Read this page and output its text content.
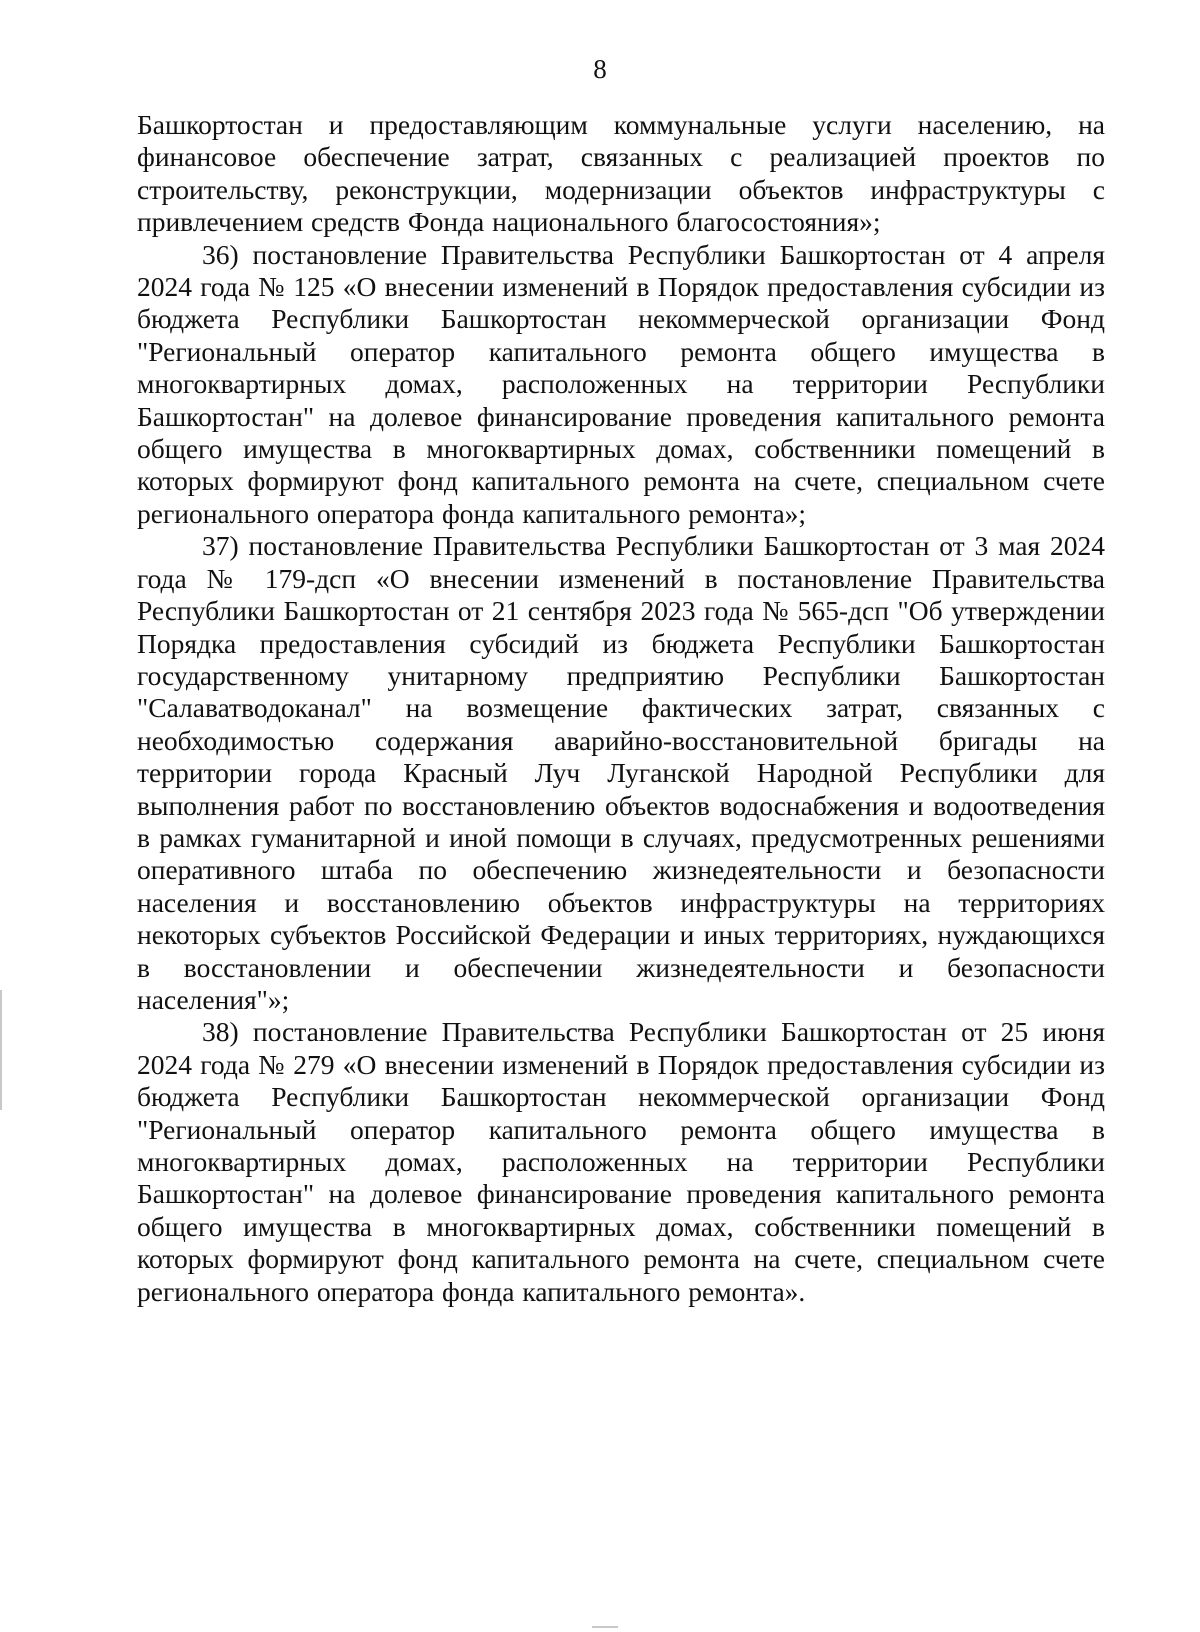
8

Башкортостан и предоставляющим коммунальные услуги населению, на финансовое обеспечение затрат, связанных с реализацией проектов по строительству, реконструкции, модернизации объектов инфраструктуры с привлечением средств Фонда национального благосостояния»;

36) постановление Правительства Республики Башкортостан от 4 апреля 2024 года № 125 «О внесении изменений в Порядок предоставления субсидии из бюджета Республики Башкортостан некоммерческой организации Фонд "Региональный оператор капитального ремонта общего имущества в многоквартирных домах, расположенных на территории Республики Башкортостан" на долевое финансирование проведения капитального ремонта общего имущества в многоквартирных домах, собственники помещений в которых формируют фонд капитального ремонта на счете, специальном счете регионального оператора фонда капитального ремонта»;

37) постановление Правительства Республики Башкортостан от 3 мая 2024 года № 179-дсп «О внесении изменений в постановление Правительства Республики Башкортостан от 21 сентября 2023 года № 565-дсп "Об утверждении Порядка предоставления субсидий из бюджета Республики Башкортостан государственному унитарному предприятию Республики Башкортостан "Салаватводоканал" на возмещение фактических затрат, связанных с необходимостью содержания аварийно-восстановительной бригады на территории города Красный Луч Луганской Народной Республики для выполнения работ по восстановлению объектов водоснабжения и водоотведения в рамках гуманитарной и иной помощи в случаях, предусмотренных решениями оперативного штаба по обеспечению жизнедеятельности и безопасности населения и восстановлению объектов инфраструктуры на территориях некоторых субъектов Российской Федерации и иных территориях, нуждающихся в восстановлении и обеспечении жизнедеятельности и безопасности населения"»;

38) постановление Правительства Республики Башкортостан от 25 июня 2024 года № 279 «О внесении изменений в Порядок предоставления субсидии из бюджета Республики Башкортостан некоммерческой организации Фонд "Региональный оператор капитального ремонта общего имущества в многоквартирных домах, расположенных на территории Республики Башкортостан" на долевое финансирование проведения капитального ремонта общего имущества в многоквартирных домах, собственники помещений в которых формируют фонд капитального ремонта на счете, специальном счете регионального оператора фонда капитального ремонта».
